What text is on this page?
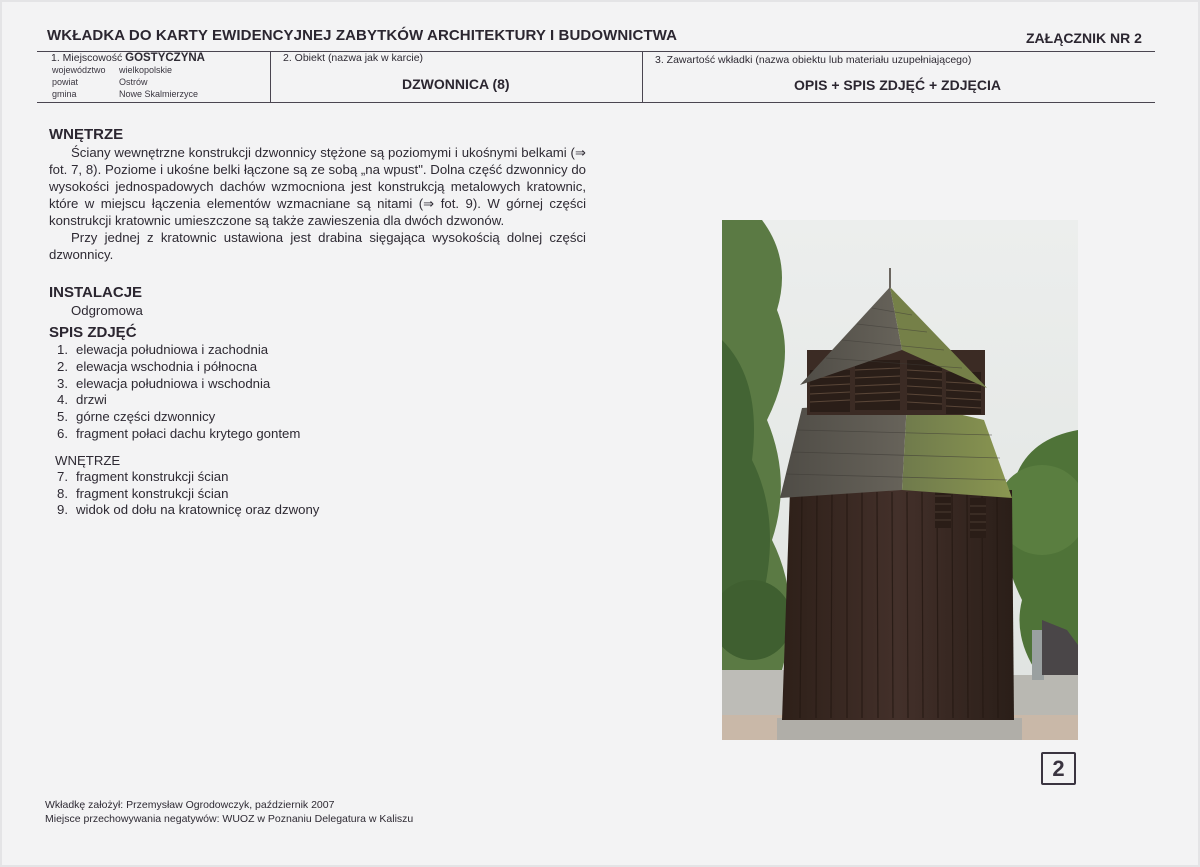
WKŁADKA DO KARTY EWIDENCYJNEJ ZABYTKÓW ARCHITEKTURY I BUDOWNICTWA	ZAŁĄCZNIK NR 2
1. Miejscowość GOSTYCZYNA
województwo wielkopolskie
powiat	Ostrów
gmina	Nowe Skalmierzyce
2. Obiekt (nazwa jak w karcie)
DZWONNICA (8)
3. Zawartość wkładki (nazwa obiektu lub materiału uzupełniającego)
OPIS + SPIS ZDJĘĆ + ZDJĘCIA
WNĘTRZE

Ściany wewnętrzne konstrukcji dzwonnicy stężone są poziomymi i ukośnymi belkami (⇒ fot. 7, 8). Poziome i ukośne belki łączone są ze sobą „na wpust". Dolna część dzwonnicy do wysokości jednospadowych dachów wzmocniona jest konstrukcją metalowych kratownic, które w miejscu łączenia elementów wzmacniane są nitami (⇒ fot. 9). W górnej części konstrukcji kratownic umieszczone są także zawieszenia dla dwóch dzwonów.

Przy jednej z kratownic ustawiona jest drabina sięgająca wysokością dolnej części dzwonnicy.

INSTALACJE

Odgromowa

SPIS ZDJĘĆ
1. elewacja południowa i zachodnia
2. elewacja wschodnia i północna
3. elewacja południowa i wschodnia
4. drzwi
5. górne części dzwonnicy
6. fragment połaci dachu krytego gontem

WNĘTRZE

7. fragment konstrukcji ścian
8. fragment konstrukcji ścian
9. widok od dołu na kratownicę oraz dzwony
2
Wkładkę założył: Przemysław Ogrodowczyk, październik 2007
Miejsce przechowywania negatywów: WUOZ w Poznaniu Delegatura w Kaliszu
